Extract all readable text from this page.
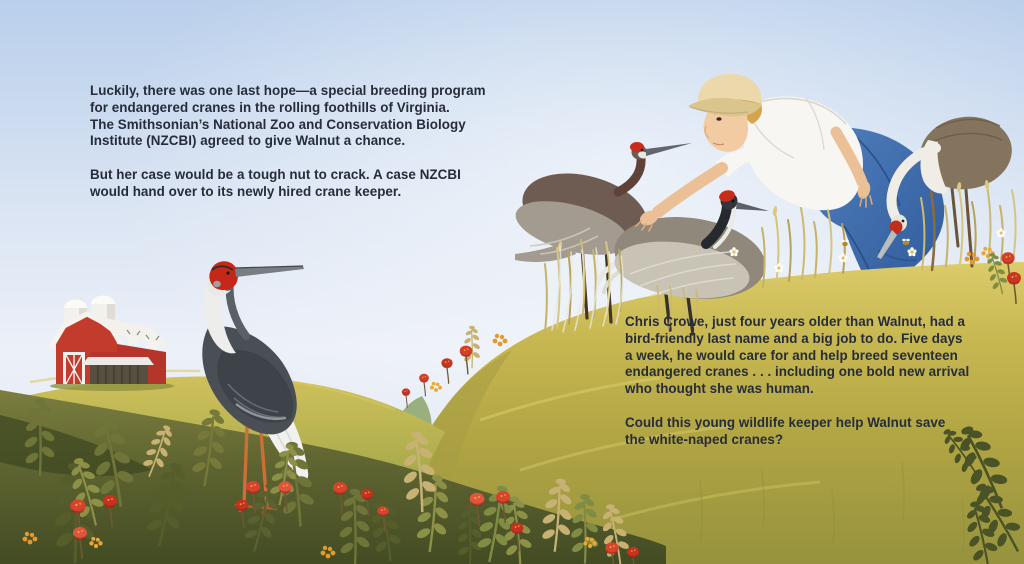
Luckily, there was one last hope—a special breeding program
for endangered cranes in the rolling foothills of Virginia.
The Smithsonian’s National Zoo and Conservation Biology
Institute (NZCBI) agreed to give Walnut a chance.
But her case would be a tough nut to crack. A case NZCBI
would hand over to its newly hired crane keeper.
Chris Crowe, just four years older than Walnut, had a
bird-friendly last name and a big job to do. Five days
a week, he would care for and help breed seventeen
endangered cranes . . . including one bold new arrival
who thought she was human.
Could this young wildlife keeper help Walnut save
the white-naped cranes?
